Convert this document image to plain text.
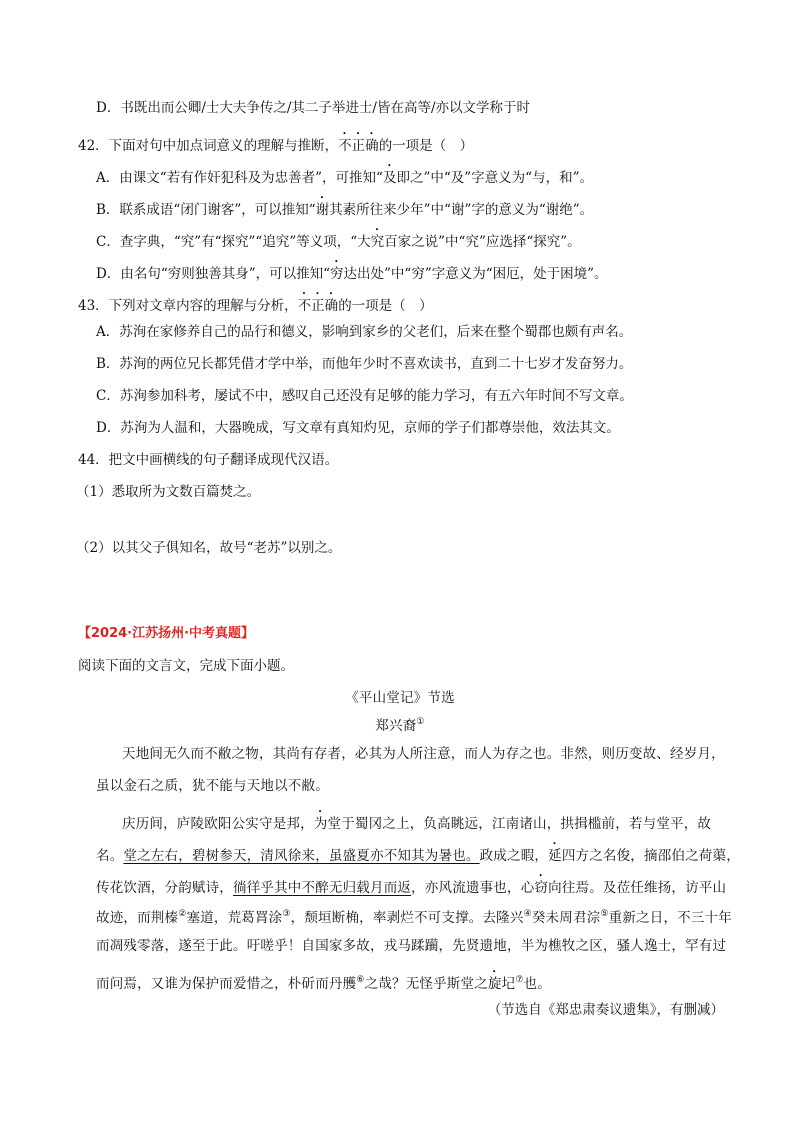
D．书既出而公卿/士大夫争传之/其二子举进士/皆在高等/亦以文学称于时
42．下面对句中加点词意义的理解与推断，不正确的一项是（　）
A．由课文“若有作奸犯科及为忠善者”，可推知“及即之”中“及”字意义为“与，和”。
B．联系成语“闭门谢客”，可以推知“谢其素所往来少年”中“谢”字的意义为“谢绝”。
C．查字典，“究”有“探究”“追究”等义项，“大究百家之说”中“究”应选择“探究”。
D．由名句“穷则独善其身”，可以推知“穷达出处”中“穷”字意义为“困厄，处于困境”。
43．下列对文章内容的理解与分析，不正确的一项是（　）
A．苏洵在家修养自己的品行和德义，影响到家乡的父老们，后来在整个蜀郡也颇有声名。
B．苏洵的两位兄长都凭借才学中举，而他年少时不喜欢读书，直到二十七岁才发奋努力。
C．苏洵参加科考，屡试不中，感叹自己还没有足够的能力学习，有五六年时间不写文章。
D．苏洵为人温和，大器晚成，写文章有真知灼见，京师的学子们都尊崇他，效法其文。
44．把文中画横线的句子翻译成现代汉语。
（1）悉取所为文数百篇焚之。
（2）以其父子俱知名，故号“老苏”以别之。
【2024·江苏扬州·中考真题】
阅读下面的文言文，完成下面小题。
《平山堂记》节选
郑兴裔①
天地间无久而不敝之物，其尚有存者，必其为人所注意，而人为存之也。非然，则历变故、经岁月，
虽以金石之质，犹不能与天地以不敝。
庆历间，庐陵欧阳公实守是邦，为堂于蜀冈之上，负高眺远，江南诸山，拱揖槛前，若与堂平，故
名。堂之左右，碧树参天，清风徐来，虽盛夏亦不知其为暑也。政成之暇，延四方之名俊，摘邵伯之荷蕖，
传花饮酒，分韵赋诗，徜徉乎其中不醉无归载月而返，亦风流遗事也，心窃向往焉。及莅任维扬，访平山
故迹，而荆榛②塞道，荒葛罥涂③，颓垣断桷，率剥烂不可支撑。去隆兴④癸未周君淙⑤重新之日，不三十年
而凋残零落，遂至于此。吁嗟乎！自国家多故，戎马蹂躏，先贤遗地，半为樵牧之区，骚人逸士，罕有过
而问焉，又谁为保护而爱惜之，朴斫而丹雘⑥之哉？无怪乎斯堂之旋圮⑦也。
（节选自《郑忠肃奏议遗集》，有删减）
